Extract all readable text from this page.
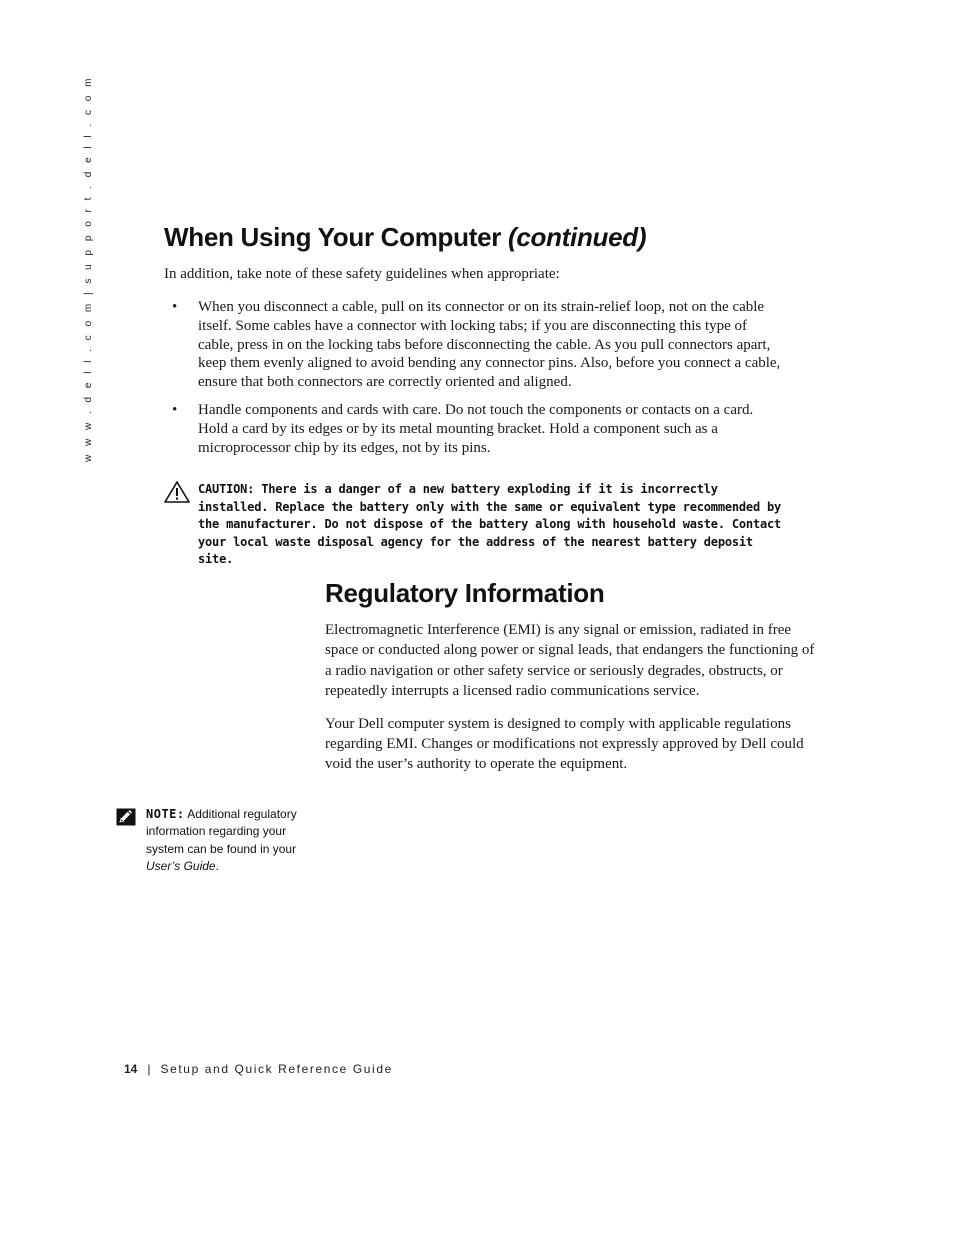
w w w . d e l l . c o m | s u p p o r t . d e l l . c o m	When Using Your Computer (continued)

In addition, take note of these safety guidelines when appropriate:

• When you disconnect a cable, pull on its connector or on its strain-relief loop, not on the cable itself. Some cables have a connector with locking tabs; if you are disconnecting this type of cable, press in on the locking tabs before disconnecting the cable. As you pull connectors apart, keep them evenly aligned to avoid bending any connector pins. Also, before you connect a cable, ensure that both connectors are correctly oriented and aligned.
• Handle components and cards with care. Do not touch the components or contacts on a card. Hold a card by its edges or by its metal mounting bracket. Hold a component such as a microprocessor chip by its edges, not by its pins.

CAUTION: There is a danger of a new battery exploding if it is incorrectly installed. Replace the battery only with the same or equivalent type recommended by the manufacturer. Do not dispose of the battery along with household waste. Contact your local waste disposal agency for the address of the nearest battery deposit site.

Regulatory Information

Electromagnetic Interference (EMI) is any signal or emission, radiated in free space or conducted along power or signal leads, that endangers the functioning of a radio navigation or other safety service or seriously degrades, obstructs, or repeatedly interrupts a licensed radio communications service.

Your Dell computer system is designed to comply with applicable regulations regarding EMI. Changes or modifications not expressly approved by Dell could void the user’s authority to operate the equipment.

NOTE: Additional regulatory information regarding your system can be found in your
User’s Guide.

14 | Setup and Quick Reference Guide
